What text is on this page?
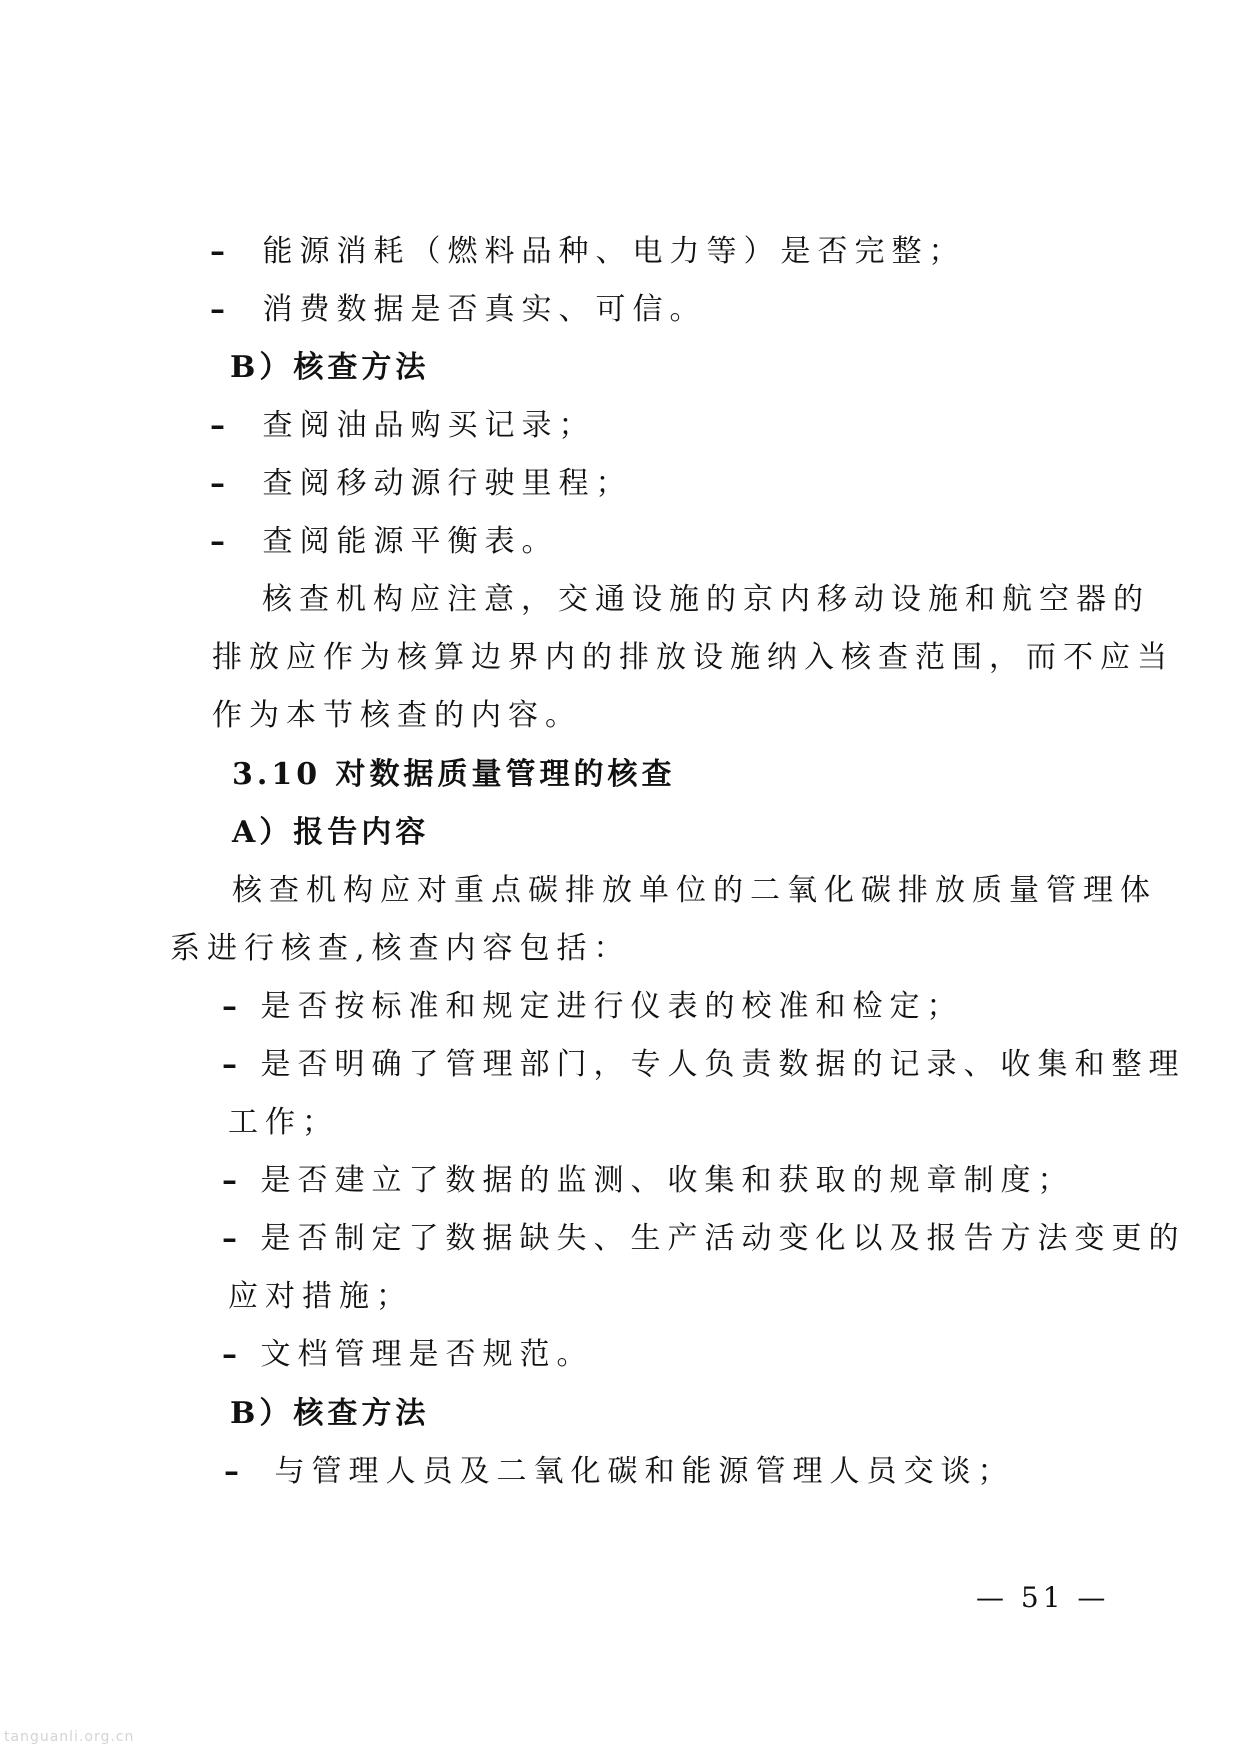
– 能源消耗（燃料品种、电力等）是否完整；
– 消费数据是否真实、可信。
B）核查方法
– 查阅油品购买记录；
– 查阅移动源行驶里程；
– 查阅能源平衡表。
核查机构应注意，交通设施的京内移动设施和航空器的
排放应作为核算边界内的排放设施纳入核查范围，而不应当
作为本节核查的内容。
3.10 对数据质量管理的核查
A）报告内容
核查机构应对重点碳排放单位的二氧化碳排放质量管理体
系进行核查,核查内容包括：
– 是否按标准和规定进行仪表的校准和检定；
– 是否明确了管理部门，专人负责数据的记录、收集和整理
工作；
– 是否建立了数据的监测、收集和获取的规章制度；
– 是否制定了数据缺失、生产活动变化以及报告方法变更的
应对措施；
– 文档管理是否规范。
B）核查方法
– 与管理人员及二氧化碳和能源管理人员交谈；
— 51 —
tanguanli.org.cn
